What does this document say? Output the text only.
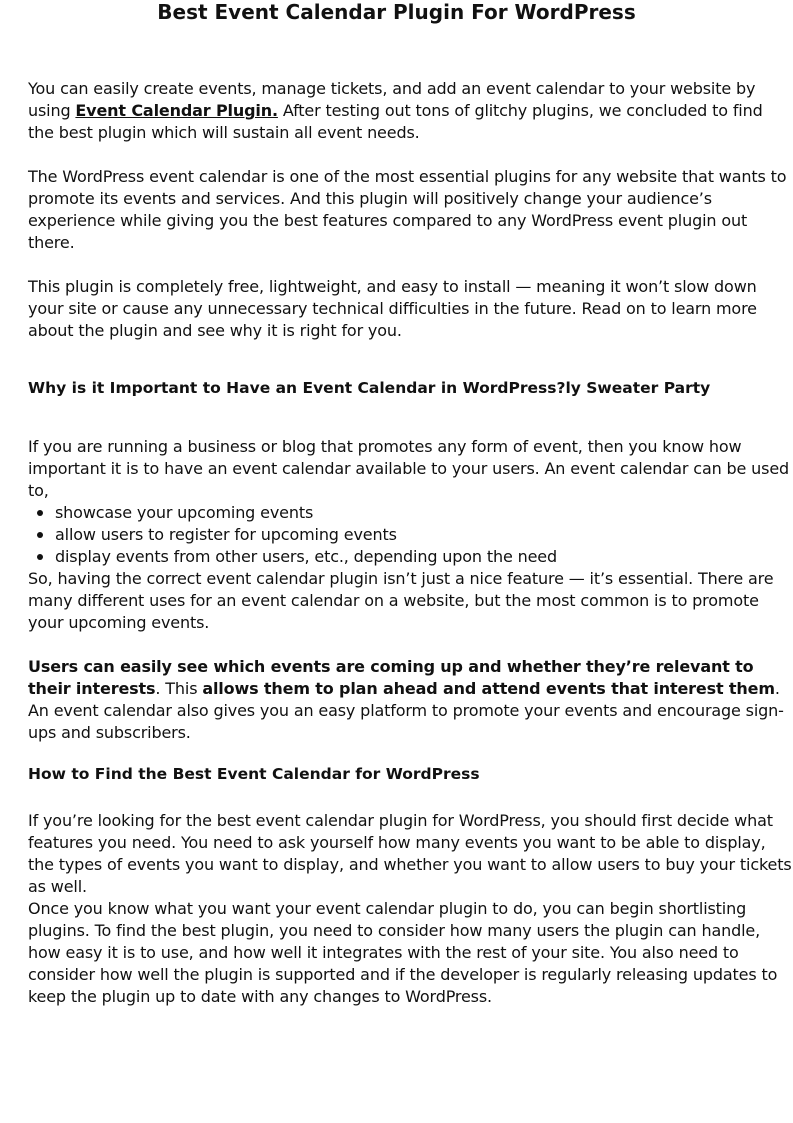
Best Event Calendar Plugin For WordPress

You can easily create events, manage tickets, and add an event calendar to your website by using Event Calendar Plugin. After testing out tons of glitchy plugins, we concluded to find the best plugin which will sustain all event needs.

The WordPress event calendar is one of the most essential plugins for any website that wants to promote its events and services. And this plugin will positively change your audience’s experience while giving you the best features compared to any WordPress event plugin out there.

This plugin is completely free, lightweight, and easy to install — meaning it won’t slow down your site or cause any unnecessary technical difficulties in the future. Read on to learn more about the plugin and see why it is right for you.

Why is it Important to Have an Event Calendar in WordPress?ly Sweater Party

If you are running a business or blog that promotes any form of event, then you know how important it is to have an event calendar available to your users. An event calendar can be used to,

showcase your upcoming events
allow users to register for upcoming events
display events from other users, etc., depending upon the need

So, having the correct event calendar plugin isn’t just a nice feature — it’s essential. There are many different uses for an event calendar on a website, but the most common is to promote your upcoming events.

Users can easily see which events are coming up and whether they’re relevant to their interests. This allows them to plan ahead and attend events that interest them. An event calendar also gives you an easy platform to promote your events and encourage sign-ups and subscribers.

How to Find the Best Event Calendar for WordPress

If you’re looking for the best event calendar plugin for WordPress, you should first decide what features you need. You need to ask yourself how many events you want to be able to display, the types of events you want to display, and whether you want to allow users to buy your tickets as well.

Once you know what you want your event calendar plugin to do, you can begin shortlisting plugins. To find the best plugin, you need to consider how many users the plugin can handle, how easy it is to use, and how well it integrates with the rest of your site. You also need to consider how well the plugin is supported and if the developer is regularly releasing updates to keep the plugin up to date with any changes to WordPress.
